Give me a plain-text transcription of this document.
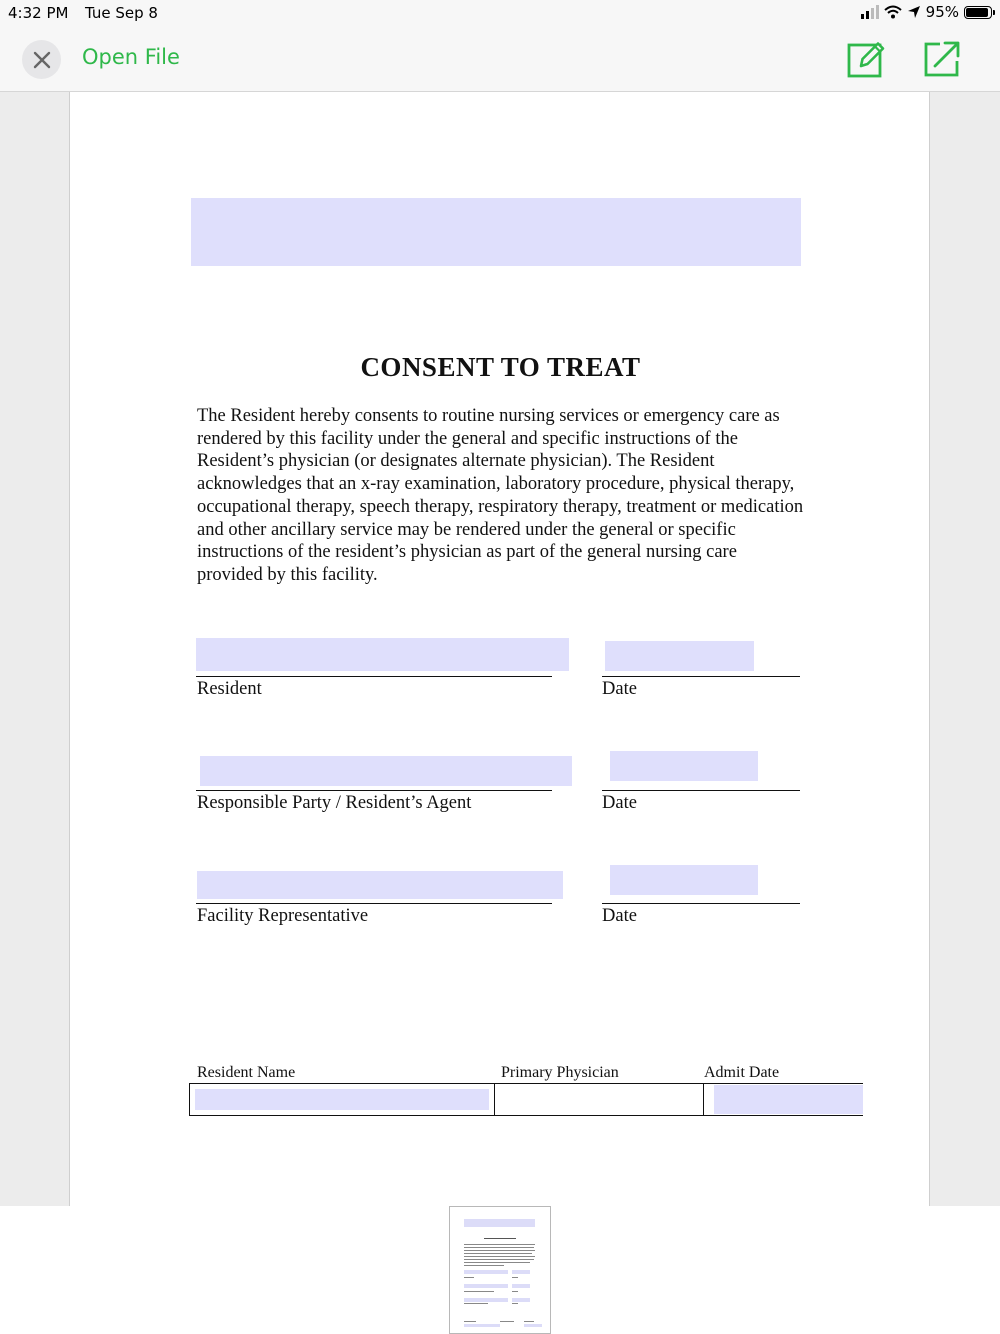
4:32 PM Tue Sep 8	95%
Open File
CONSENT TO TREAT
The Resident hereby consents to routine nursing services or emergency care as rendered by this facility under the general and specific instructions of the Resident’s physician (or designates alternate physician). The Resident acknowledges that an x-ray examination, laboratory procedure, physical therapy, occupational therapy, speech therapy, respiratory therapy, treatment or medication and other ancillary service may be rendered under the general or specific instructions of the resident’s physician as part of the general nursing care provided by this facility.
Resident	Date
Responsible Party / Resident’s Agent	Date
Facility Representative	Date
Resident Name	Primary Physician	Admit Date
